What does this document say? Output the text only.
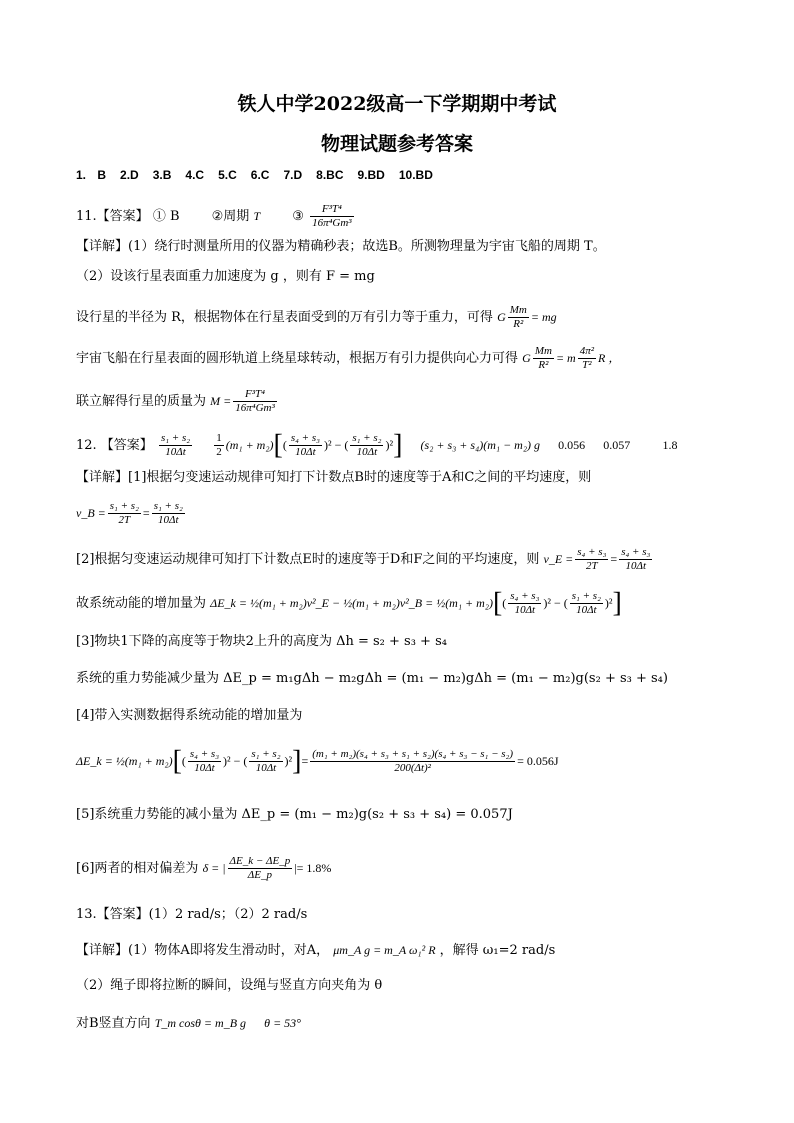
铁人中学2022级高一下学期期中考试
物理试题参考答案
1. B 2.D 3.B 4.C 5.C 6.C 7.D 8.BC 9.BD 10.BD
11.【答案】 ① B ②周期 T ③ $\frac{\text{F³T⁴}}{\text{16π⁴Gm³}}$
【详解】(1）绕行时测量所用的仪器为精确秒表；故选B。所测物理量为宇宙飞船的周期 T。
（2）设该行星表面重力加速度为 g ，则有 F = mg
设行星的半径为 R，根据物体在行星表面受到的万有引力等于重力，可得 G $\frac{Mm}{\text{R²}}$ = mg
宇宙飞船在行星表面的圆形轨道上绕星球转动，根据万有引力提供向心力可得 G $\frac{Mm}{\text{R²}} = m \frac{\text{4π²}}{\text{T²}}$ R ，
联立解得行星的质量为 $M = \frac{\text{F³T⁴}}{\text{16π⁴Gm³}}$
12. 【答案】 $\frac{\text{s₁ + s₂}}{10\Delta t}$
$\frac{1}{2} (m_1 + m_2)[( \frac{\text{s₄ + s₃}}{10\Delta t} )^2$ − ( $\frac{\text{s₁ + s₂}}{10\Delta t} )^2$] (s₂ + s₃ + s₄)(m₁ − m₂) g 0.056 0.057	1.8
【详解】[1]根据匀变速运动规律可知打下计数点B时的速度等于A和C之间的平均速度，则
v_B = $\frac{\text{s₁ + s₂}}{2T} = \frac{\text{s₁ + s₂}}{10\Delta t}$
[2]根据匀变速运动规律可知打下计数点E时的速度等于D和F之间的平均速度，则 v_E = $\frac{\text{s₄ + s₃}}{2T} = \frac{\text{s₄ + s₃}}{10\Delta t}$
故系统动能的增加量为 ΔE_k = ½(m₁ + m₂)v²_E − ½(m₁ + m₂)v²_B = ½(m₁ + $m_2)[( \frac{\text{s₄ + s₃}}{10\Delta t} )^2$ − ( $\frac{\text{s₁ + s₂}}{10\Delta t} )^2$]
[3]物块1下降的高度等于物块2上升的高度为 Δh = s₂ + s₃ + s₄
系统的重力势能减少量为 ΔE_p = m₁gΔh − m₂gΔh = (m₁ − m₂)gΔh = (m₁ − m₂)g(s₂ + s₃ + s₄)
[4]带入实测数据得系统动能的增加量为
ΔE_k = ½(m₁ + $m_2)[( \frac{\text{s₄ + s₃}}{10\Delta t} )^2$ − ( $\frac{\text{s₁ + s₂}}{10\Delta t} )^2]= \frac{\text{(m₁ + m₂)(s₄ + s₃ + s₁ + s₂)(s₄ + s₃ − s₁ − s₂)}}{\text{200(Δt)²}} = 0.056J$
[5]系统重力势能的减小量为 ΔE_p = (m₁ − m₂)g(s₂ + s₃ + s₄) = 0.057J
[6]两者的相对偏差为 δ = | $\frac{\Delta E\_k - \Delta E\_p}{\Delta E\_p}$ |= 1.8%
13.【答案】(1）2 rad/s；（2）2 rad/s
【详解】(1）物体A即将发生滑动时，对A， μm_A g = m_A ω₁² R ，解得 ω₁=2 rad/s
（2）绳子即将拉断的瞬间，设绳与竖直方向夹角为 θ
对B竖直方向 T_m cosθ = m_B g θ = 53°
